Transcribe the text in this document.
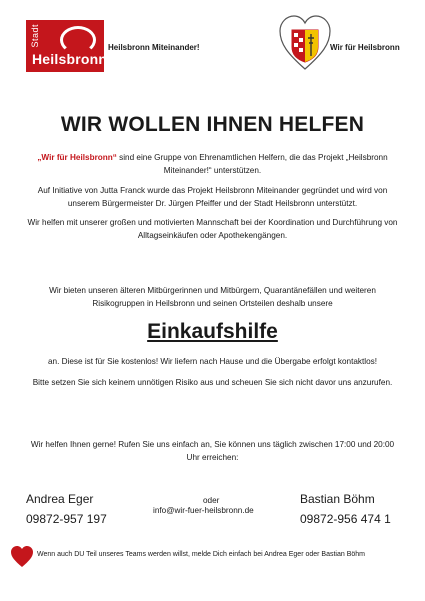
Stadt
Heilsbronn
Heilsbronn Miteinander!	Wir für Heilsbronn
WIR WOLLEN IHNEN HELFEN

„Wir für Heilsbronn“ sind eine Gruppe von Ehrenamtlichen Helfern, die das Projekt „Heilsbronn Miteinander!“ unterstützen.

Auf Initiative von Jutta Franck wurde das Projekt Heilsbronn Miteinander gegründet und wird von unserem Bürgermeister Dr. Jürgen Pfeiffer und der Stadt Heilsbronn unterstützt.

Wir helfen mit unserer großen und motivierten Mannschaft bei der Koordination und Durchführung von Alltagseinkäufen oder Apothekengängen.

Wir bieten unseren älteren Mitbürgerinnen und Mitbürgern, Quarantänefällen und weiteren Risikogruppen in Heilsbronn und seinen Ortsteilen deshalb unsere

Einkaufshilfe

an. Diese ist für Sie kostenlos! Wir liefern nach Hause und die Übergabe erfolgt kontaktlos!

Bitte setzen Sie sich keinem unnötigen Risiko aus und scheuen Sie sich nicht davor uns anzurufen.

Wir helfen Ihnen gerne! Rufen Sie uns einfach an, Sie können uns täglich zwischen 17:00 und 20:00 Uhr erreichen:

Andrea Eger
09872-957 197
oder
info@wir-fuer-heilsbronn.de
Bastian Böhm
09872-956 474 1
Wenn auch DU Teil unseres Teams werden willst, melde Dich einfach bei Andrea Eger oder Bastian Böhm
